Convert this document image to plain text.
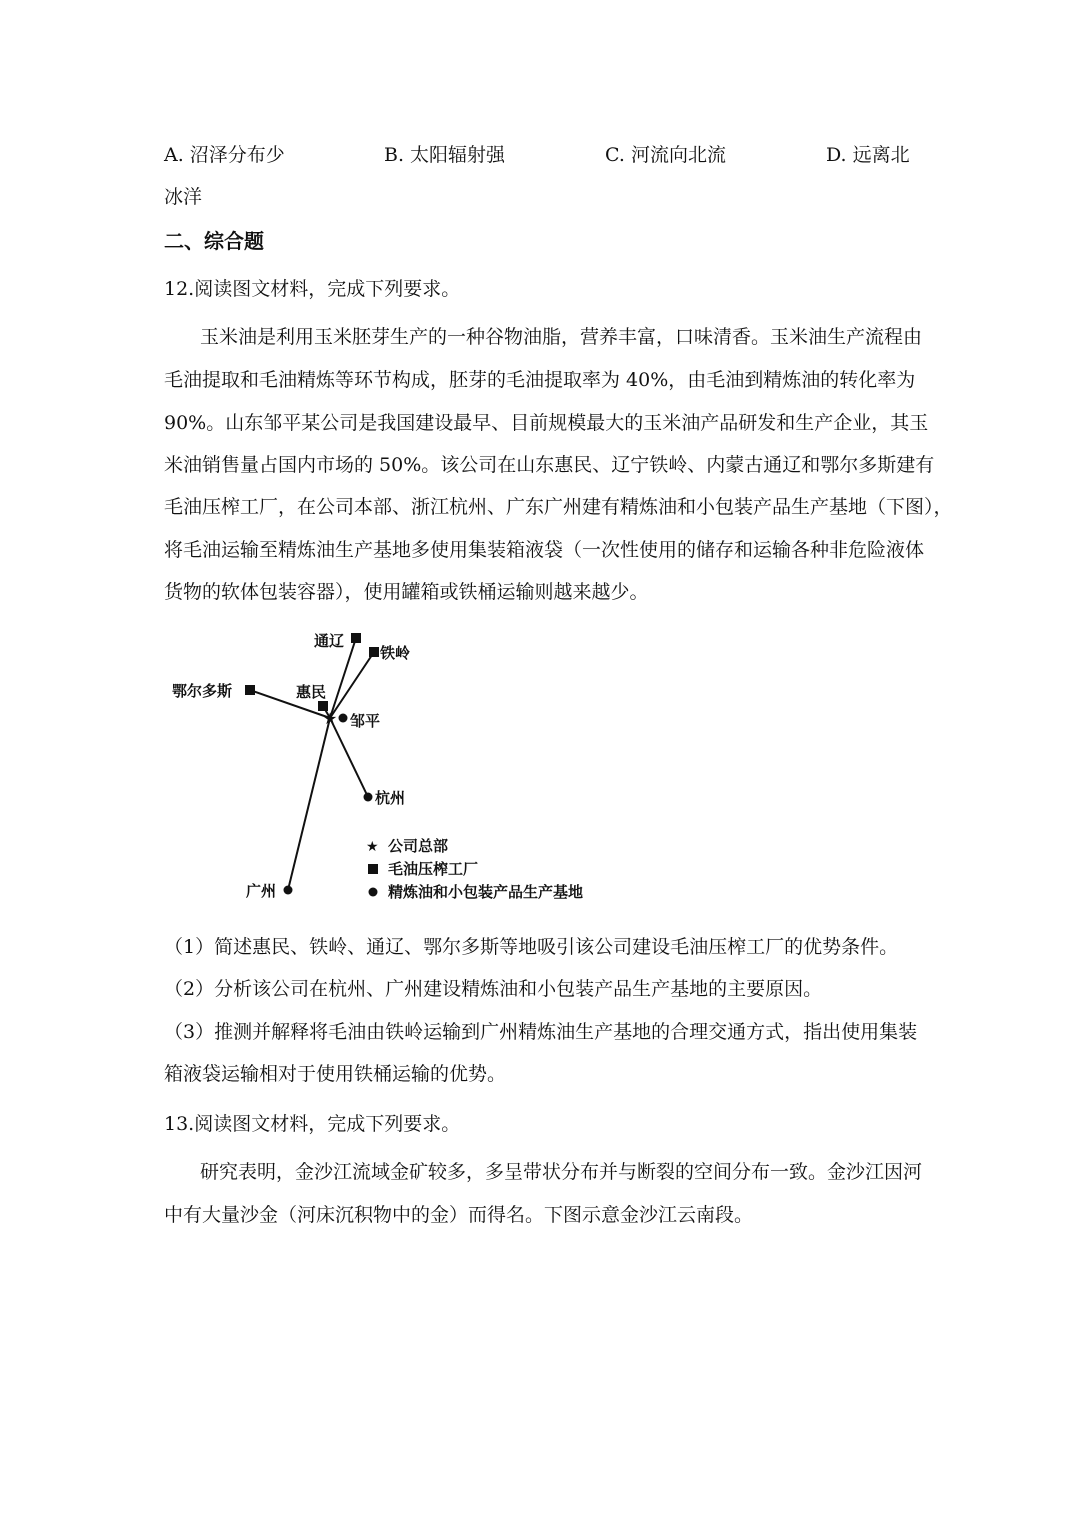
A. 沼泽分布少	B. 太阳辐射强	C. 河流向北流	D. 远离北
冰洋
二、综合题
12.阅读图文材料，完成下列要求。
玉米油是利用玉米胚芽生产的一种谷物油脂，营养丰富，口味清香。玉米油生产流程由
毛油提取和毛油精炼等环节构成，胚芽的毛油提取率为 40%，由毛油到精炼油的转化率为
90%。山东邹平某公司是我国建设最早、目前规模最大的玉米油产品研发和生产企业，其玉
米油销售量占国内市场的 50%。该公司在山东惠民、辽宁铁岭、内蒙古通辽和鄂尔多斯建有
毛油压榨工厂，在公司本部、浙江杭州、广东广州建有精炼油和小包装产品生产基地（下图），
将毛油运输至精炼油生产基地多使用集装箱液袋（一次性使用的储存和运输各种非危险液体
货物的软体包装容器），使用罐箱或铁桶运输则越来越少。
★
通辽
铁岭
鄂尔多斯	惠民
邹平
杭州
广州
★ 公司总部
毛油压榨工厂
精炼油和小包装产品生产基地
（1）简述惠民、铁岭、通辽、鄂尔多斯等地吸引该公司建设毛油压榨工厂的优势条件。
（2）分析该公司在杭州、广州建设精炼油和小包装产品生产基地的主要原因。
（3）推测并解释将毛油由铁岭运输到广州精炼油生产基地的合理交通方式，指出使用集装
箱液袋运输相对于使用铁桶运输的优势。
13.阅读图文材料，完成下列要求。
研究表明，金沙江流域金矿较多，多呈带状分布并与断裂的空间分布一致。金沙江因河
中有大量沙金（河床沉积物中的金）而得名。下图示意金沙江云南段。
